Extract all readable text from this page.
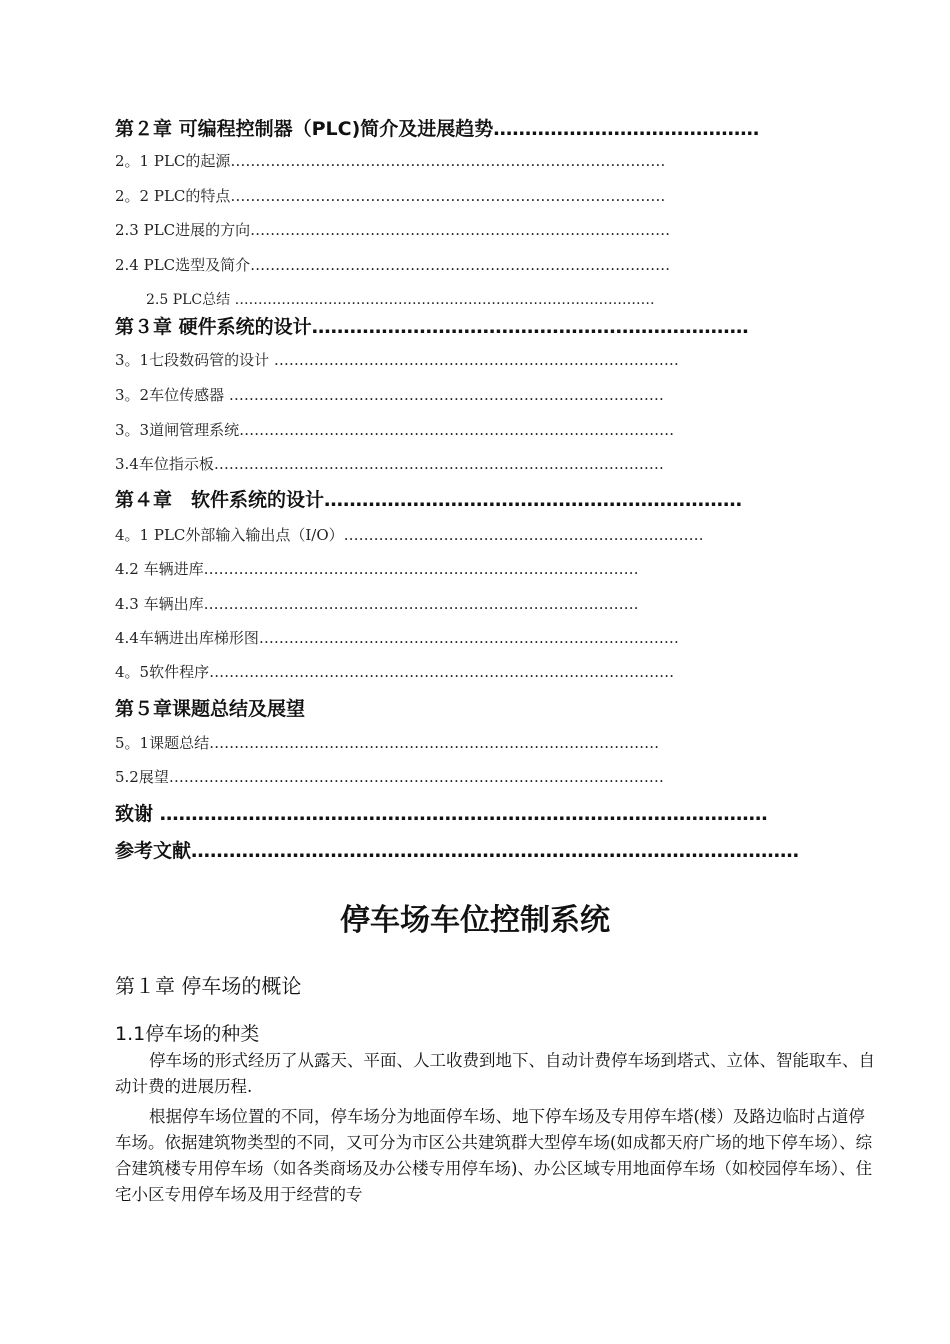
第２章 可编程控制器（PLC)简介及进展趋势……………………………………
2。1 PLC的起源……………………………………………………………………………
2。2 PLC的特点……………………………………………………………………………
2.3 PLC进展的方向…………………………………………………………………………
2.4 PLC选型及简介…………………………………………………………………………
2.5 PLC总结 ………………………………………………………………………………
第３章 硬件系统的设计……………………………………………………………
3。1七段数码管的设计 ………………………………………………………………………
3。2车位传感器 ……………………………………………………………………………
3。3道闸管理系统……………………………………………………………………………
3.4车位指示板………………………………………………………………………………
第４章　软件系统的设计…………………………………………………………
4。1 PLC外部输入输出点（I/O）………………………………………………………………
4.2 车辆进库……………………………………………………………………………
4.3 车辆出库……………………………………………………………………………
4.4车辆进出库梯形图…………………………………………………………………………
4。5软件程序…………………………………………………………………………………
第５章课题总结及展望
5。1课题总结………………………………………………………………………………
5.2展望………………………………………………………………………………………
致谢 ……………………………………………………………………………………
参考文献……………………………………………………………………………………
停车场车位控制系统
第１章 停车场的概论
1.1停车场的种类

停车场的形式经历了从露天、平面、人工收费到地下、自动计费停车场到塔式、立体、智能取车、自动计费的进展历程.

根据停车场位置的不同，停车场分为地面停车场、地下停车场及专用停车塔(楼）及路边临时占道停车场。依据建筑物类型的不同，又可分为市区公共建筑群大型停车场(如成都天府广场的地下停车场）、综合建筑楼专用停车场（如各类商场及办公楼专用停车场)、办公区域专用地面停车场（如校园停车场）、住宅小区专用停车场及用于经营的专
